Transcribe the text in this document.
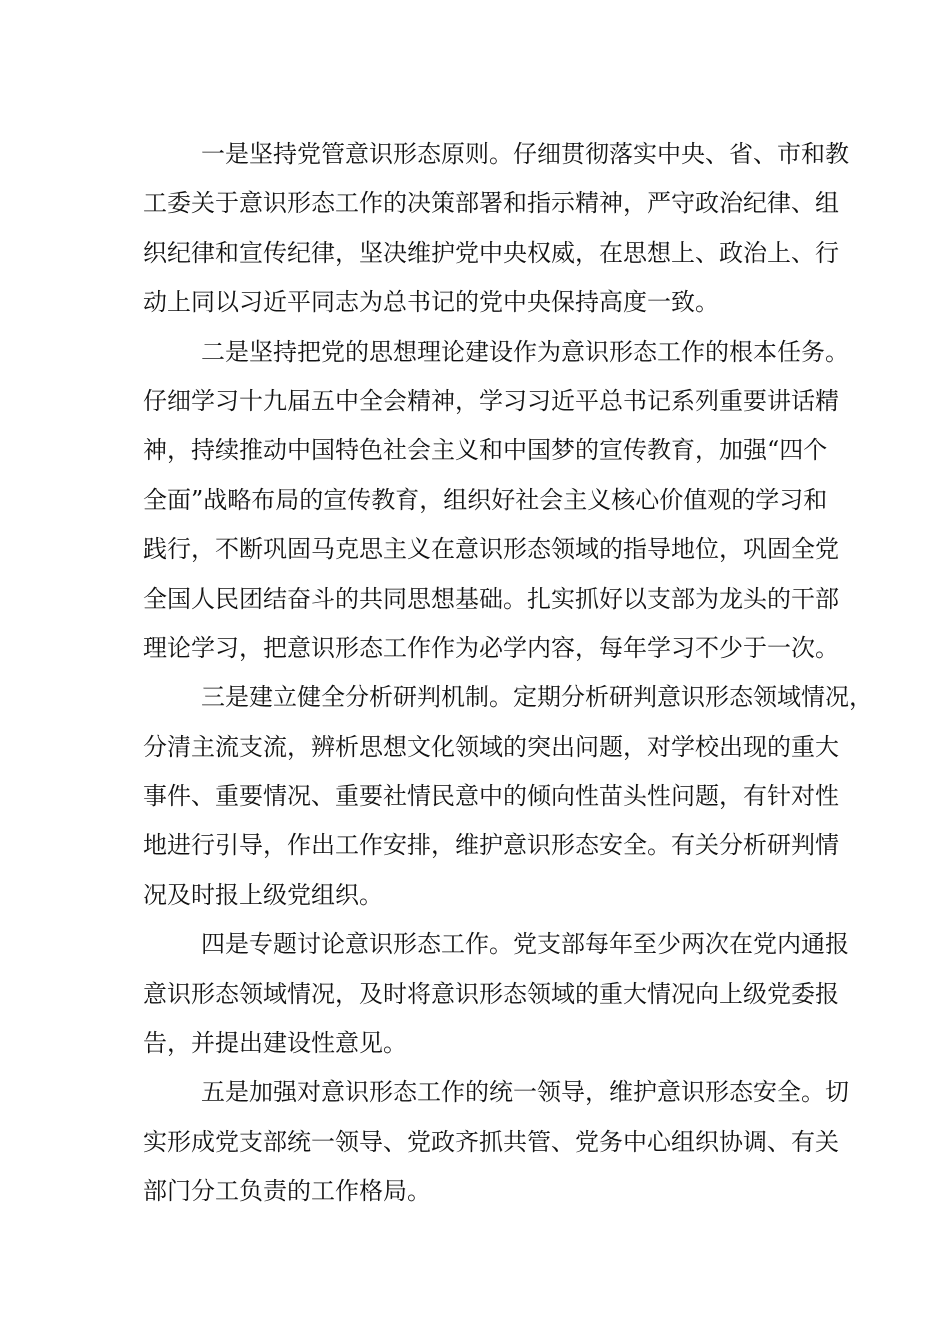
一是坚持党管意识形态原则。仔细贯彻落实中央、省、市和教
工委关于意识形态工作的决策部署和指示精神，严守政治纪律、组
织纪律和宣传纪律，坚决维护党中央权威，在思想上、政治上、行
动上同以习近平同志为总书记的党中央保持高度一致。
二是坚持把党的思想理论建设作为意识形态工作的根本任务。
仔细学习十九届五中全会精神，学习习近平总书记系列重要讲话精
神，持续推动中国特色社会主义和中国梦的宣传教育，加强“四个
全面”战略布局的宣传教育，组织好社会主义核心价值观的学习和
践行，不断巩固马克思主义在意识形态领域的指导地位，巩固全党
全国人民团结奋斗的共同思想基础。扎实抓好以支部为龙头的干部
理论学习，把意识形态工作作为必学内容，每年学习不少于一次。
三是建立健全分析研判机制。定期分析研判意识形态领域情况，
分清主流支流，辨析思想文化领域的突出问题，对学校出现的重大
事件、重要情况、重要社情民意中的倾向性苗头性问题，有针对性
地进行引导，作出工作安排，维护意识形态安全。有关分析研判情
况及时报上级党组织。
四是专题讨论意识形态工作。党支部每年至少两次在党内通报
意识形态领域情况，及时将意识形态领域的重大情况向上级党委报
告，并提出建设性意见。
五是加强对意识形态工作的统一领导，维护意识形态安全。切
实形成党支部统一领导、党政齐抓共管、党务中心组织协调、有关
部门分工负责的工作格局。
